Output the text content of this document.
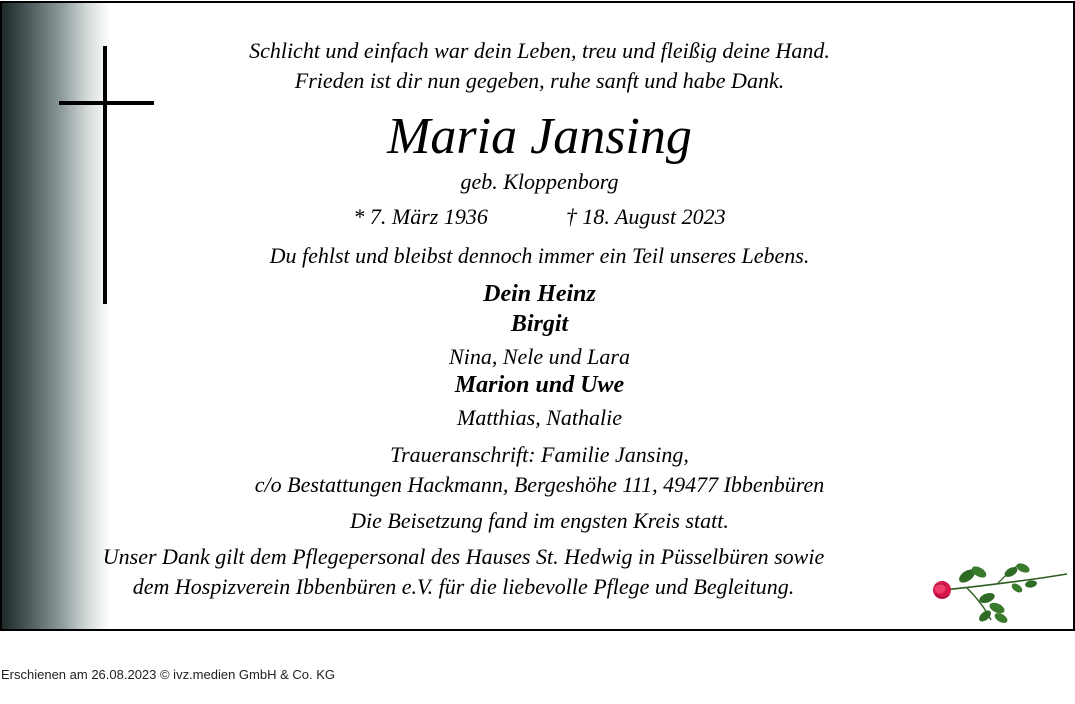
Schlicht und einfach war dein Leben, treu und fleißig deine Hand.
Frieden ist dir nun gegeben, ruhe sanft und habe Dank.
Maria Jansing
geb. Kloppenborg
* 7. März 1936	† 18. August 2023
Du fehlst und bleibst dennoch immer ein Teil unseres Lebens.
Dein Heinz
Birgit
Nina, Nele und Lara
Marion und Uwe
Matthias, Nathalie
Traueranschrift: Familie Jansing,
c/o Bestattungen Hackmann, Bergeshöhe 111, 49477 Ibbenbüren
Die Beisetzung fand im engsten Kreis statt.
Unser Dank gilt dem Pflegepersonal des Hauses St. Hedwig in Püsselbüren sowie
dem Hospizverein Ibbenbüren e.V. für die liebevolle Pflege und Begleitung.
Erschienen am 26.08.2023 © ivz.medien GmbH & Co. KG
